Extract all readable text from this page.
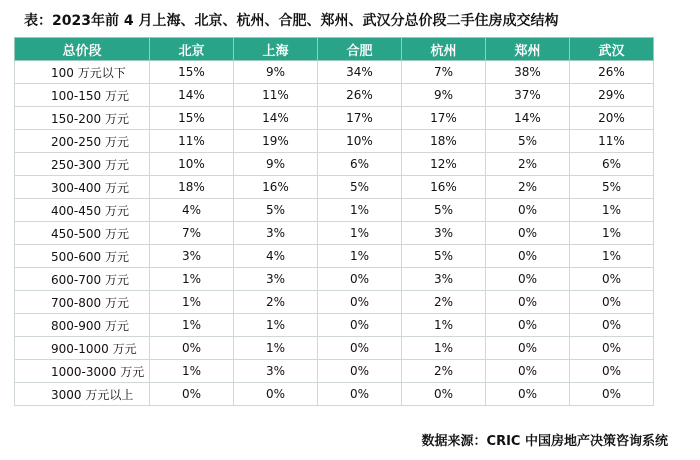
表：2023年前 4 月上海、北京、杭州、合肥、郑州、武汉分总价段二手住房成交结构
总价段	北京	上海	合肥	杭州	郑州	武汉
100 万元以下	15%	9%	34%	7%	38%	26%
100-150 万元	14%	11%	26%	9%	37%	29%
150-200 万元	15%	14%	17%	17%	14%	20%
200-250 万元	11%	19%	10%	18%	5%	11%
250-300 万元	10%	9%	6%	12%	2%	6%
300-400 万元	18%	16%	5%	16%	2%	5%
400-450 万元	4%	5%	1%	5%	0%	1%
450-500 万元	7%	3%	1%	3%	0%	1%
500-600 万元	3%	4%	1%	5%	0%	1%
600-700 万元	1%	3%	0%	3%	0%	0%
700-800 万元	1%	2%	0%	2%	0%	0%
800-900 万元	1%	1%	0%	1%	0%	0%
900-1000 万元	0%	1%	0%	1%	0%	0%
1000-3000 万元	1%	3%	0%	2%	0%	0%
3000 万元以上	0%	0%	0%	0%	0%	0%
数据来源：CRIC 中国房地产决策咨询系统
